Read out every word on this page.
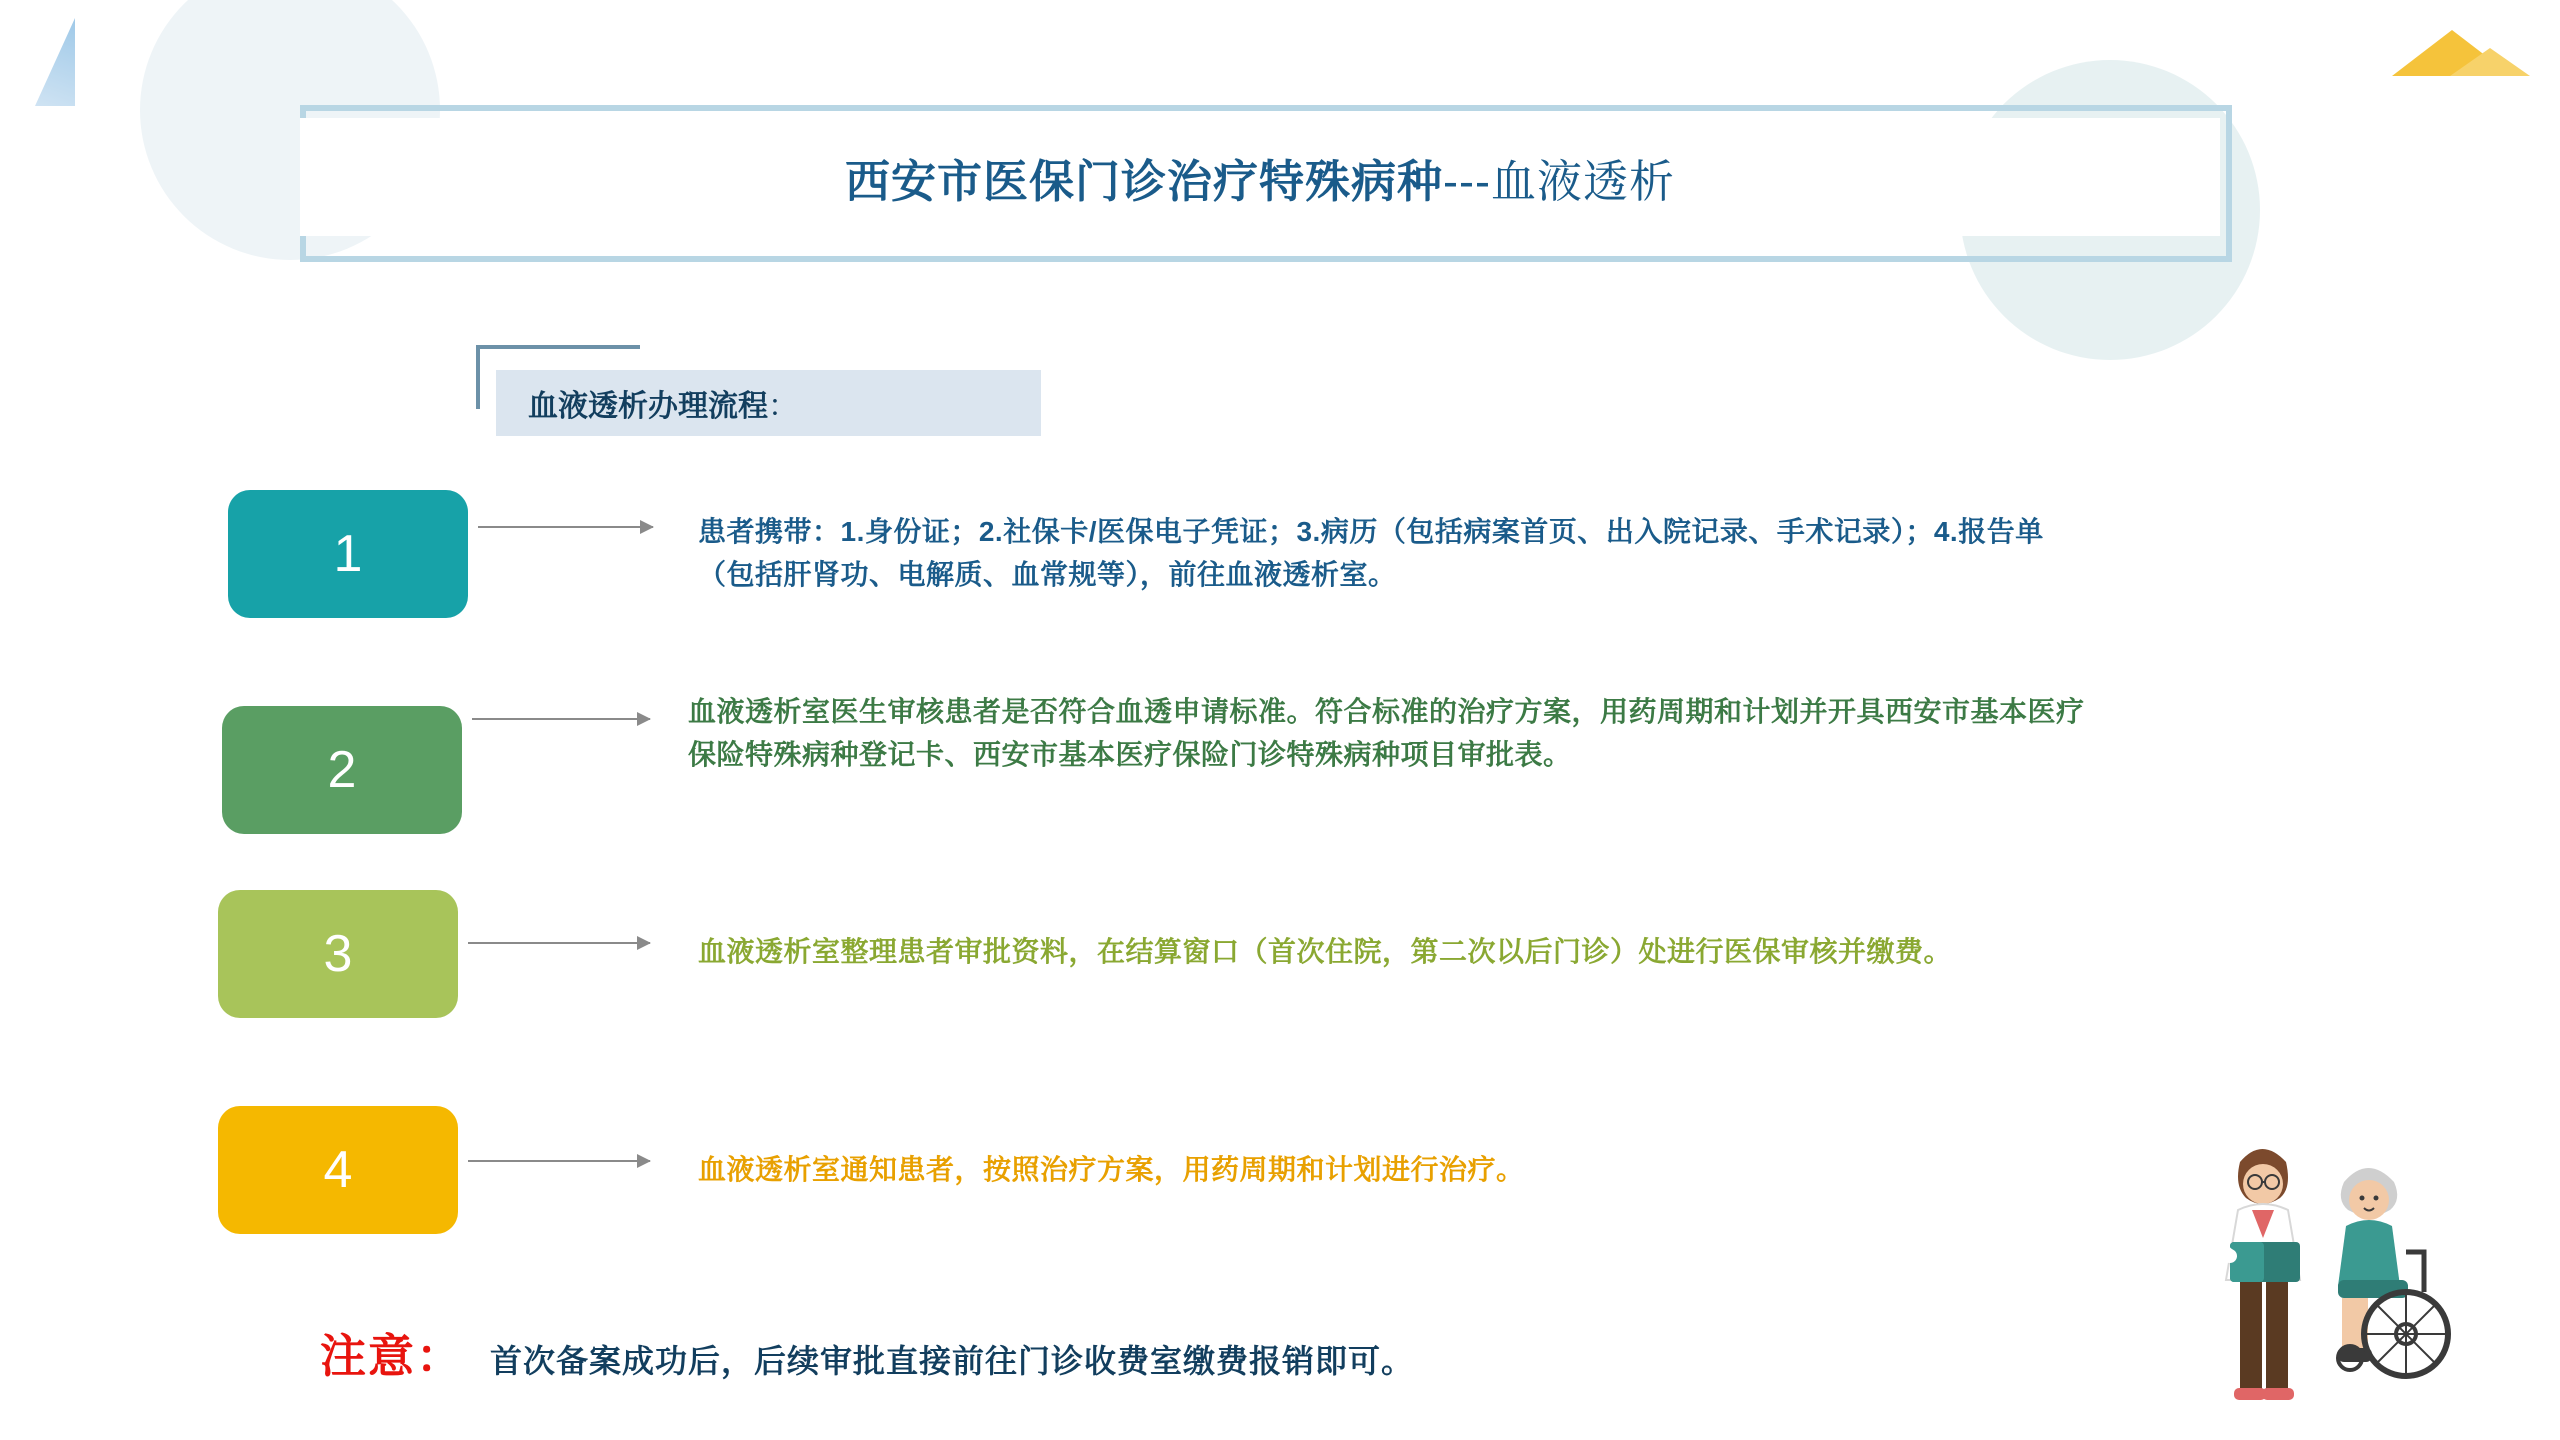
西安市医保门诊治疗特殊病种---血液透析
血液透析办理流程：
1	患者携带：1.身份证；2.社保卡/医保电子凭证；3.病历（包括病案首页、出入院记录、手术记录）；4.报告单（包括肝肾功、电解质、血常规等），前往血液透析室。
2
血液透析室医生审核患者是否符合血透申请标准。符合标准的治疗方案，用药周期和计划并开具西安市基本医疗保险特殊病种登记卡、西安市基本医疗保险门诊特殊病种项目审批表。
3	血液透析室整理患者审批资料，在结算窗口（首次住院，第二次以后门诊）处进行医保审核并缴费。
4	血液透析室通知患者，按照治疗方案，用药周期和计划进行治疗。
注意： 首次备案成功后，后续审批直接前往门诊收费室缴费报销即可。
